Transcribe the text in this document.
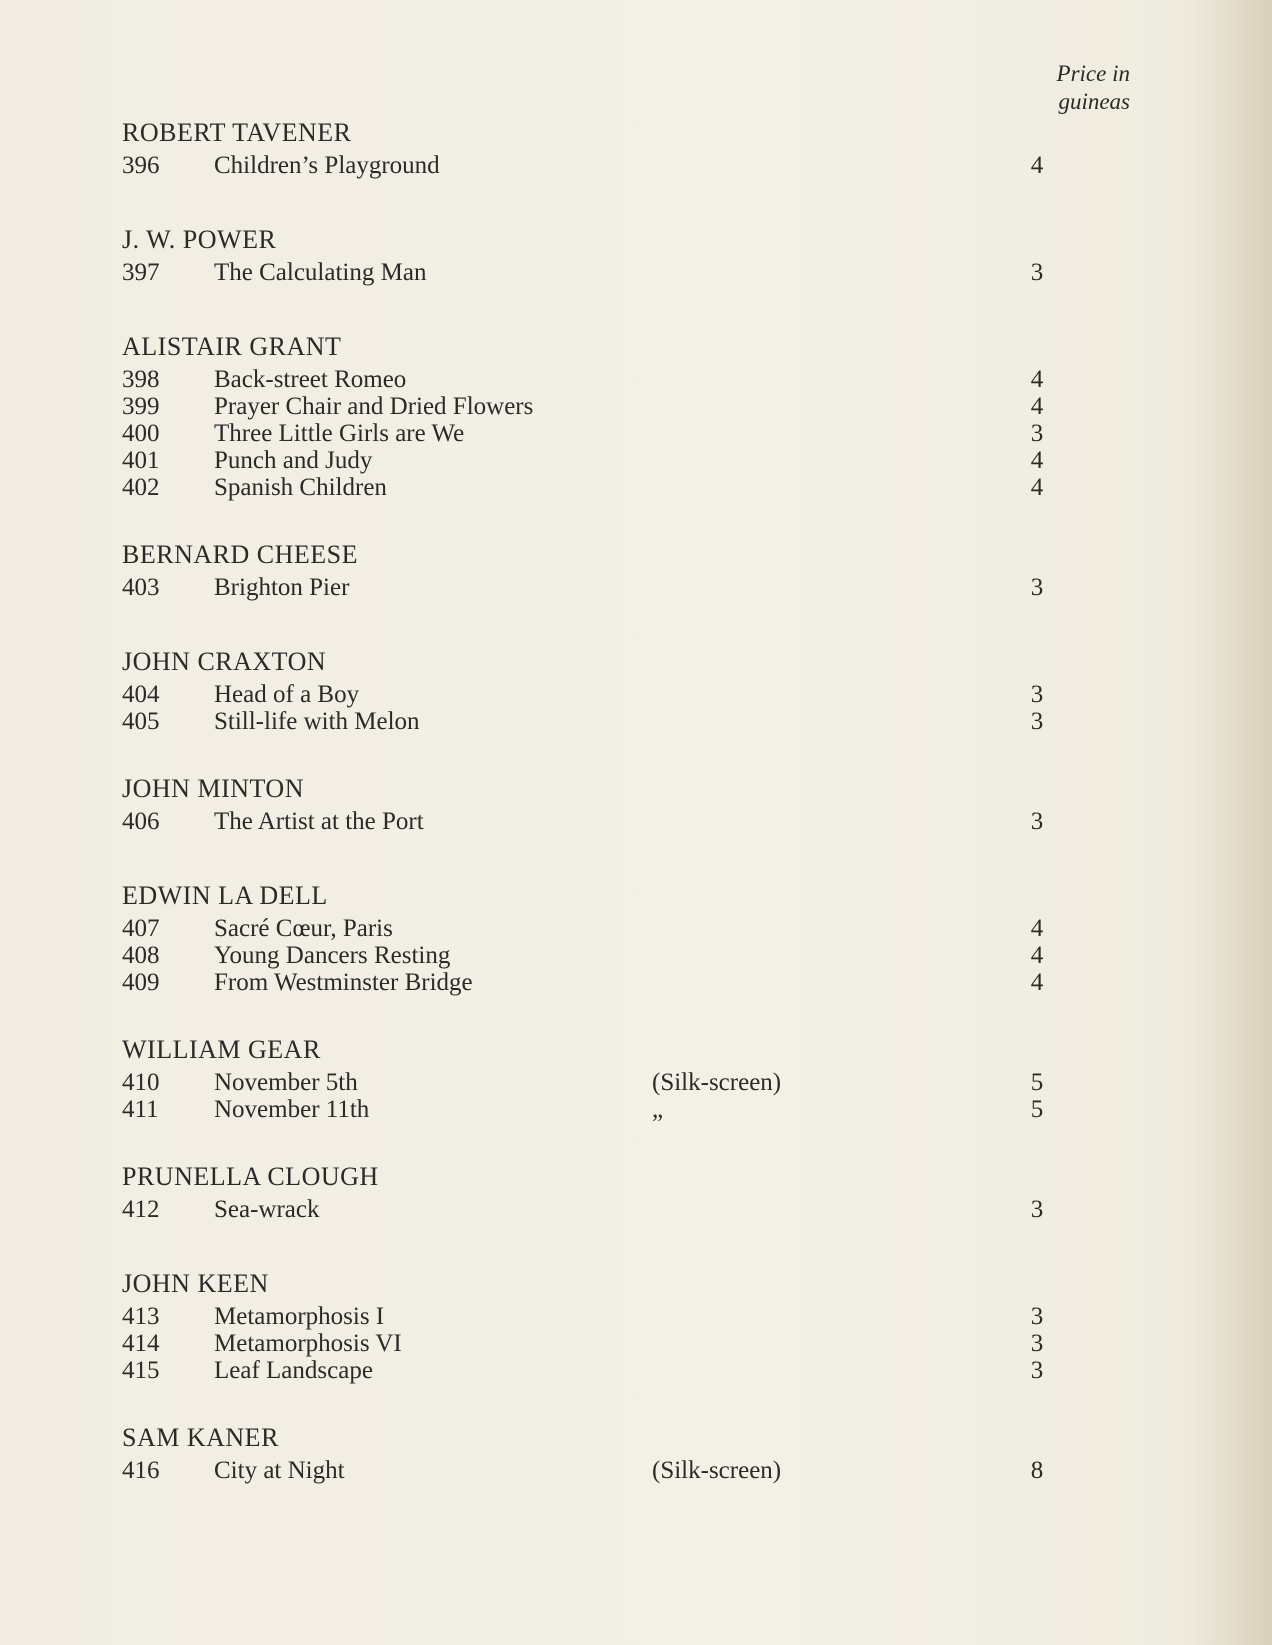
Price in
guineas
ROBERT TAVENER
396 Children’s Playground	4
J. W. POWER
397 The Calculating Man	3
ALISTAIR GRANT
398 Back-street Romeo	4
399 Prayer Chair and Dried Flowers	4
400 Three Little Girls are We	3
401 Punch and Judy	4
402 Spanish Children	4
BERNARD CHEESE
403 Brighton Pier	3
JOHN CRAXTON
404 Head of a Boy	3
405 Still-life with Melon	3
JOHN MINTON
406 The Artist at the Port	3
EDWIN LA DELL
407 Sacré Cœur, Paris	4
408 Young Dancers Resting	4
409 From Westminster Bridge	4
WILLIAM GEAR
410 November 5th	(Silk-screen)	5
411 November 11th	„	5
PRUNELLA CLOUGH
412 Sea-wrack	3
JOHN KEEN
413 Metamorphosis I	3
414 Metamorphosis VI	3
415 Leaf Landscape	3
SAM KANER
416 City at Night	(Silk-screen)	8
